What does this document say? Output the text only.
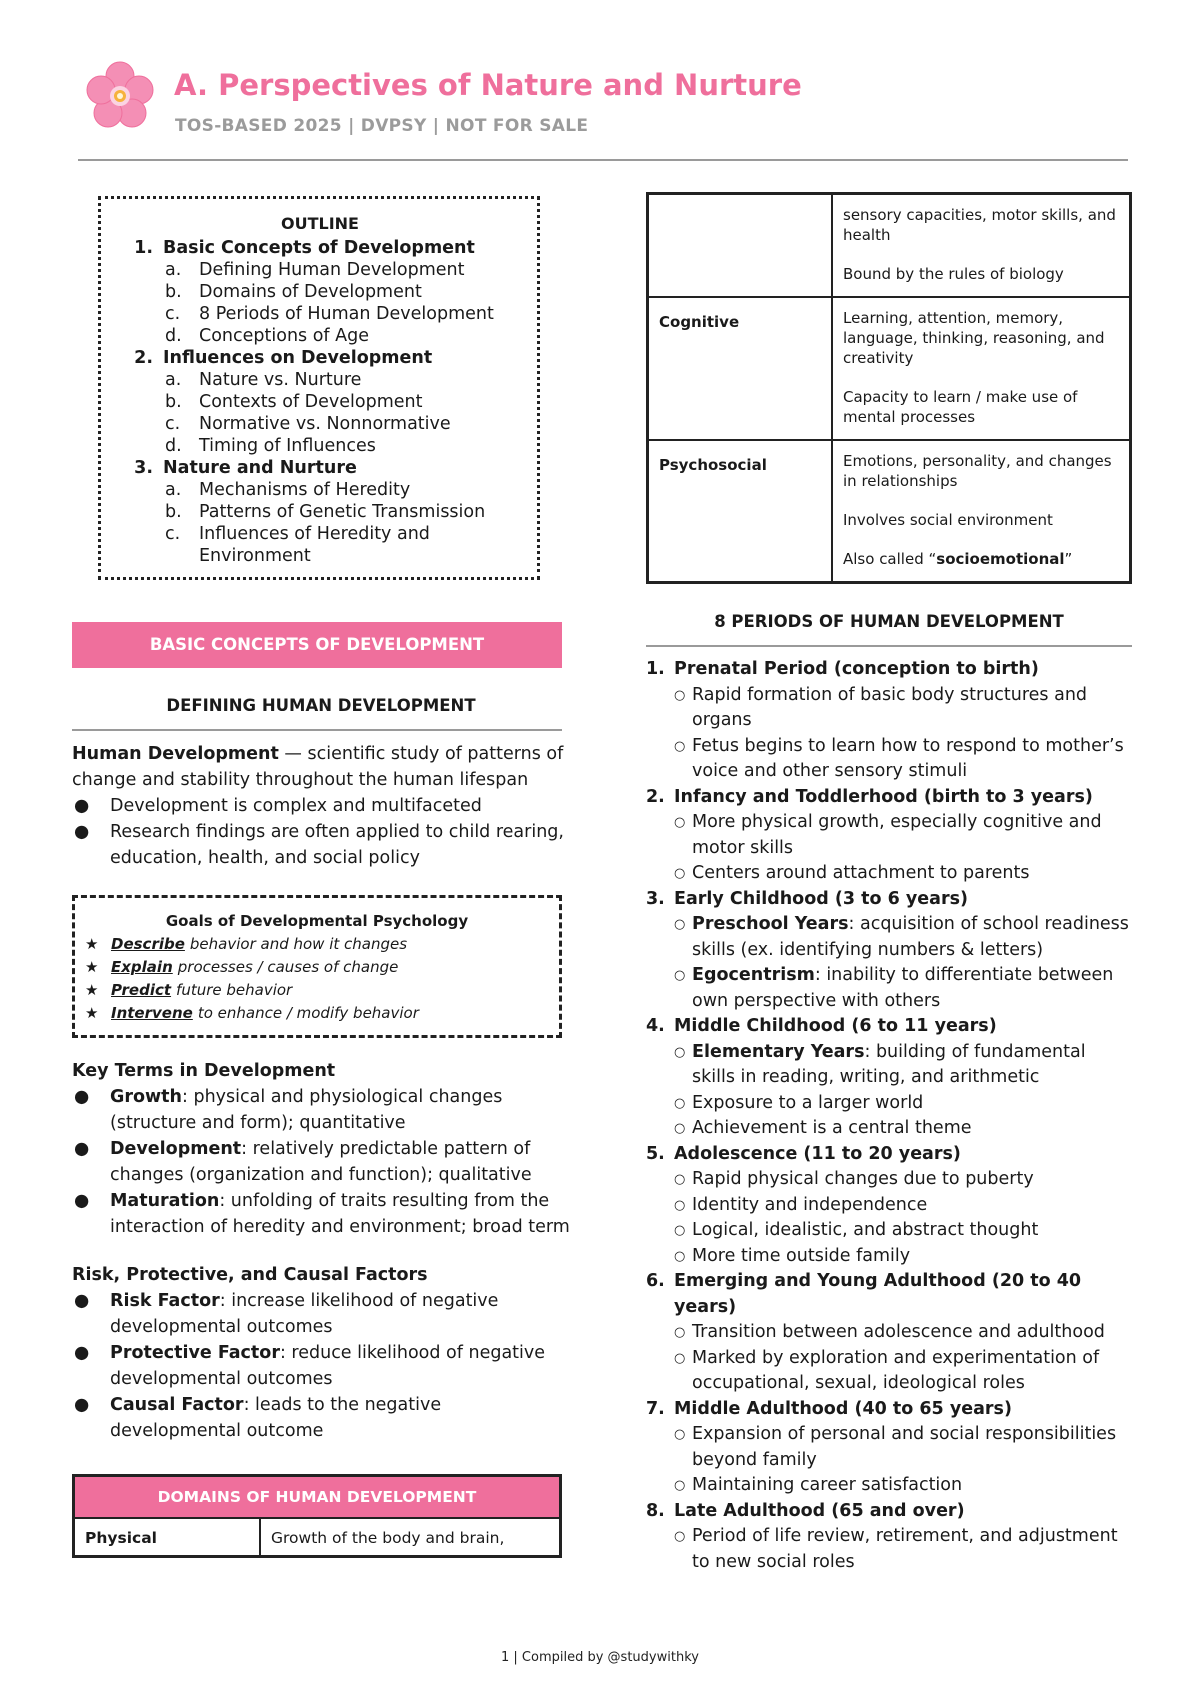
A. Perspectives of Nature and Nurture
TOS-BASED 2025 | DVPSY | NOT FOR SALE
OUTLINE
1. Basic Concepts of Development
a.	Defining Human Development
b. Domains of Development
c.	8 Periods of Human Development
d. Conceptions of Age
2. Influences on Development
a.	Nature vs. Nurture
b. Contexts of Development
c.	Normative vs. Nonnormative
d. Timing of Influences
3. Nature and Nurture
a.	Mechanisms of Heredity
b. Patterns of Genetic Transmission
c.	Influences of Heredity and Environment
BASIC CONCEPTS OF DEVELOPMENT
DEFINING HUMAN DEVELOPMENT
Human Development — scientific study of patterns of change and stability throughout the human lifespan
●	Development is complex and multifaceted
●	Research findings are often applied to child rearing, education, health, and social policy
Goals of Developmental Psychology
★ Describe behavior and how it changes
★ Explain processes / causes of change
★ Predict future behavior
★ Intervene to enhance / modify behavior
Key Terms in Development
●	Growth: physical and physiological changes (structure and form); quantitative
●	Development: relatively predictable pattern of changes (organization and function); qualitative
●	Maturation: unfolding of traits resulting from the interaction of heredity and environment; broad term
Risk, Protective, and Causal Factors
●	Risk Factor: increase likelihood of negative developmental outcomes
●	Protective Factor: reduce likelihood of negative developmental outcomes
●	Causal Factor: leads to the negative developmental outcome
DOMAINS OF HUMAN DEVELOPMENT
Physical	Growth of the body and brain,
sensory capacities, motor skills, and health
Bound by the rules of biology
Cognitive	Learning, attention, memory, language, thinking, reasoning, and creativity
Capacity to learn / make use of mental processes
Psychosocial	Emotions, personality, and changes in relationships
Involves social environment
Also called “socioemotional”
8 PERIODS OF HUMAN DEVELOPMENT
1. Prenatal Period (conception to birth)
○ Rapid formation of basic body structures and organs
○ Fetus begins to learn how to respond to mother’s voice and other sensory stimuli
2. Infancy and Toddlerhood (birth to 3 years)
○ More physical growth, especially cognitive and motor skills
○ Centers around attachment to parents
3. Early Childhood (3 to 6 years)
○ Preschool Years: acquisition of school readiness skills (ex. identifying numbers & letters)
○ Egocentrism: inability to differentiate between own perspective with others
4. Middle Childhood (6 to 11 years)
○ Elementary Years: building of fundamental skills in reading, writing, and arithmetic
○ Exposure to a larger world
○ Achievement is a central theme
5. Adolescence (11 to 20 years)
○ Rapid physical changes due to puberty
○ Identity and independence
○ Logical, idealistic, and abstract thought
○ More time outside family
6. Emerging and Young Adulthood (20 to 40 years)
○ Transition between adolescence and adulthood
○ Marked by exploration and experimentation of occupational, sexual, ideological roles
7. Middle Adulthood (40 to 65 years)
○ Expansion of personal and social responsibilities beyond family
○ Maintaining career satisfaction
8. Late Adulthood (65 and over)
○ Period of life review, retirement, and adjustment to new social roles
1 | Compiled by @studywithky
